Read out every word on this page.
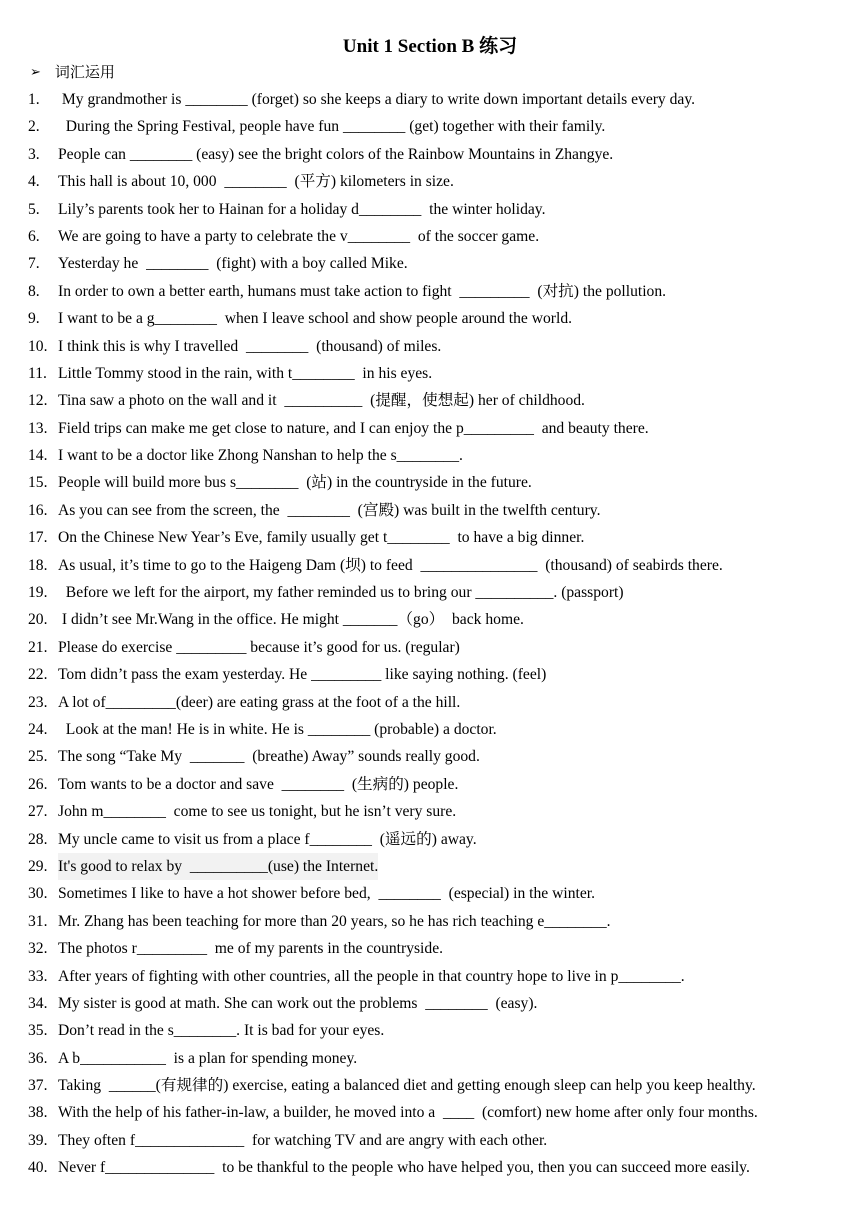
Unit 1 Section B 练习
➢ 词汇运用
1.	My grandmother is ________ (forget) so she keeps a diary to write down important details every day.
2.	During the Spring Festival, people have fun ________ (get) together with their family.
3.	People can ________ (easy) see the bright colors of the Rainbow Mountains in Zhangye.
4.	This hall is about 10, 000  ________  (平方) kilometers in size.
5.	Lily’s parents took her to Hainan for a holiday d________  the winter holiday.
6.	We are going to have a party to celebrate the v________  of the soccer game.
7.	Yesterday he  ________  (fight) with a boy called Mike.
8.	In order to own a better earth, humans must take action to fight  _________  (对抗) the pollution.
9.	I want to be a g________  when I leave school and show people around the world.
10. I think this is why I travelled  ________  (thousand) of miles.
11. Little Tommy stood in the rain, with t________  in his eyes.
12. Tina saw a photo on the wall and it  __________  (提醒，使想起) her of childhood.
13. Field trips can make me get close to nature, and I can enjoy the p_________  and beauty there.
14. I want to be a doctor like Zhong Nanshan to help the s________.
15. People will build more bus s________  (站) in the countryside in the future.
16. As you can see from the screen, the  ________  (宫殿) was built in the twelfth century.
17. On the Chinese New Year’s Eve, family usually get t________  to have a big dinner.
18. As usual, it’s time to go to the Haigeng Dam (坝) to feed  _______________  (thousand) of seabirds there.
19. Before we left for the airport, my father reminded us to bring our __________. (passport)
20. I didn’t see Mr.Wang in the office. He might _______（go）  back home.
21. Please do exercise _________ because it’s good for us. (regular)
22. Tom didn’t pass the exam yesterday. He _________ like saying nothing. (feel)
23. A lot of_________(deer) are eating grass at the foot of a the hill.
24. Look at the man! He is in white. He is ________ (probable) a doctor.
25. The song “Take My  _______  (breathe) Away” sounds really good.
26. Tom wants to be a doctor and save  ________  (生病的) people.
27. John m________  come to see us tonight, but he isn’t very sure.
28. My uncle came to visit us from a place f________  (遥远的) away.
29. It's good to relax by  __________(use) the Internet.
30. Sometimes I like to have a hot shower before bed,  ________  (especial) in the winter.
31. Mr. Zhang has been teaching for more than 20 years, so he has rich teaching e________.
32. The photos r_________  me of my parents in the countryside.
33. After years of fighting with other countries, all the people in that country hope to live in p________.
34. My sister is good at math. She can work out the problems  ________  (easy).
35. Don’t read in the s________. It is bad for your eyes.
36. A b___________  is a plan for spending money.
37. Taking  ______(有规律的) exercise, eating a balanced diet and getting enough sleep can help you keep healthy.
38. With the help of his father-in-law, a builder, he moved into a  ____  (comfort) new home after only four months.
39. They often f______________  for watching TV and are angry with each other.
40. Never f______________  to be thankful to the people who have helped you, then you can succeed more easily.
